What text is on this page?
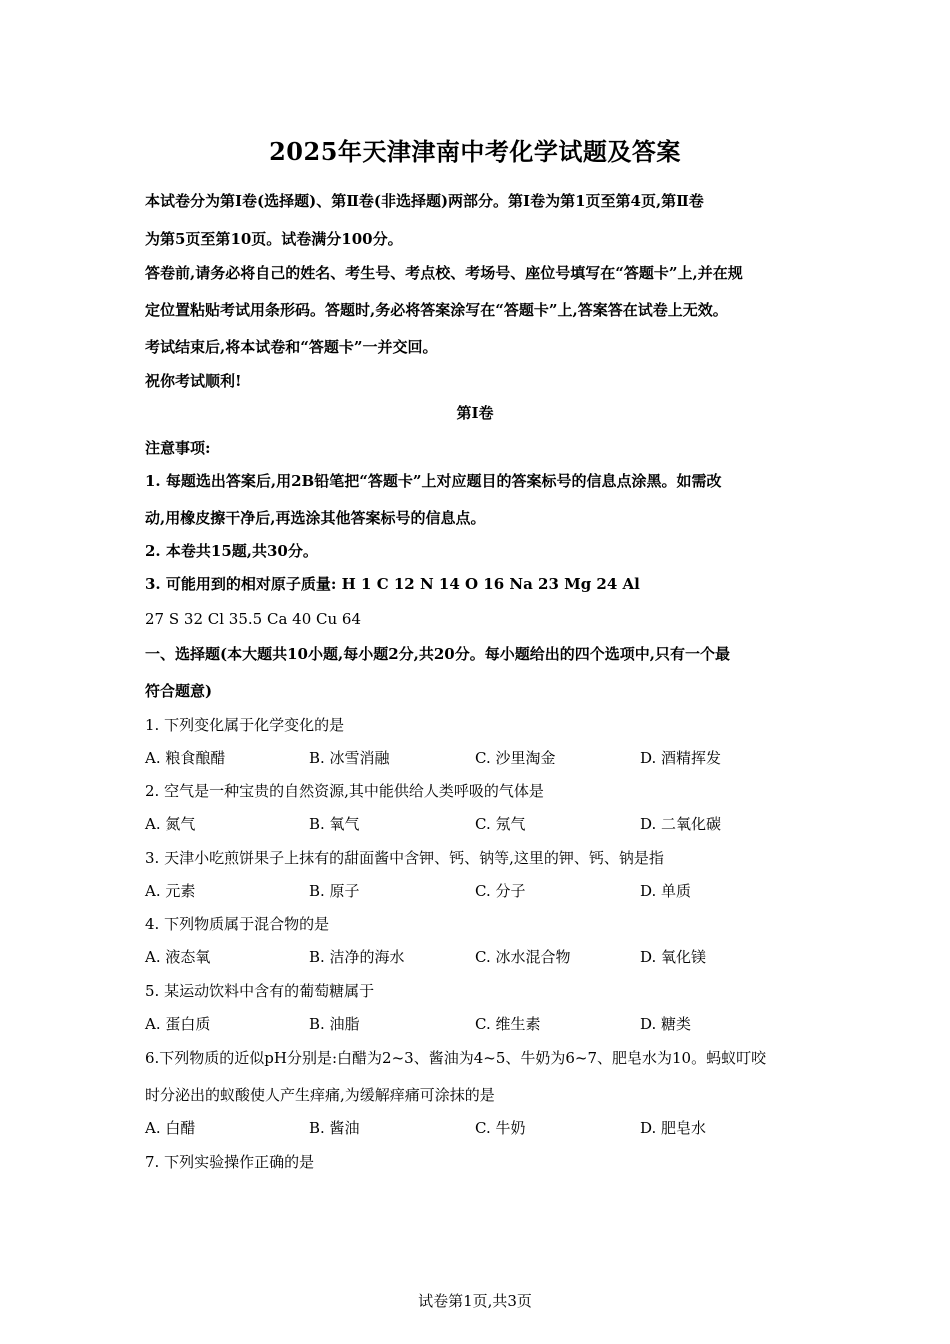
2025年天津津南中考化学试题及答案
本试卷分为第Ⅰ卷(选择题)、第Ⅱ卷(非选择题)两部分。第Ⅰ卷为第1页至第4页,第Ⅱ卷
为第5页至第10页。试卷满分100分。
答卷前,请务必将自己的姓名、考生号、考点校、考场号、座位号填写在“答题卡”上,并在规
定位置粘贴考试用条形码。答题时,务必将答案涂写在“答题卡”上,答案答在试卷上无效。
考试结束后,将本试卷和“答题卡”一并交回。
祝你考试顺利!
第Ⅰ卷
注意事项:
1. 每题选出答案后,用2B铅笔把“答题卡”上对应题目的答案标号的信息点涂黑。如需改
动,用橡皮擦干净后,再选涂其他答案标号的信息点。
2. 本卷共15题,共30分。
3. 可能用到的相对原子质量: H 1 C 12 N 14 O 16 Na 23 Mg 24 Al
27 S 32 Cl 35.5 Ca 40 Cu 64
一、选择题(本大题共10小题,每小题2分,共20分。每小题给出的四个选项中,只有一个最
符合题意)
1. 下列变化属于化学变化的是
A. 粮食酿醋	B. 冰雪消融	C. 沙里淘金	D. 酒精挥发
2. 空气是一种宝贵的自然资源,其中能供给人类呼吸的气体是
A. 氮气	B. 氧气	C. 氖气	D. 二氧化碳
3. 天津小吃煎饼果子上抹有的甜面酱中含钾、钙、钠等,这里的钾、钙、钠是指
A. 元素	B. 原子	C. 分子	D. 单质
4. 下列物质属于混合物的是
A. 液态氧	B. 洁净的海水	C. 冰水混合物	D. 氧化镁
5. 某运动饮料中含有的葡萄糖属于
A. 蛋白质	B. 油脂	C. 维生素	D. 糖类
6.下列物质的近似pH分别是:白醋为2~3、酱油为4~5、牛奶为6~7、肥皂水为10。蚂蚁叮咬
时分泌出的蚁酸使人产生痒痛,为缓解痒痛可涂抹的是
A. 白醋	B. 酱油	C. 牛奶	D. 肥皂水
7. 下列实验操作正确的是
试卷第1页,共3页
